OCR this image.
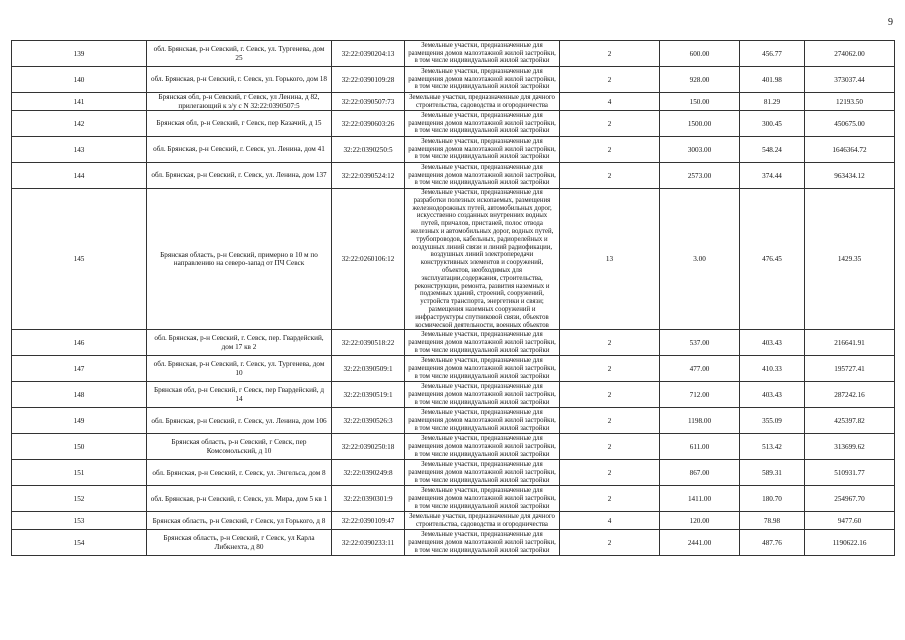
9
139	обл. Брянская, р-н Севский, г. Севск, ул. Тургенева, дом 25	32:22:0390204:13	Земельные участки, предназначенные для размещения домов малоэтажной жилой застройки, в том числе индивидуальной жилой застройки	2	600.00	456.77	274062.00
140	обл. Брянская, р-н Севский, г. Севск, ул. Горького, дом 18	32:22:0390109:28	Земельные участки, предназначенные для размещения домов малоэтажной жилой застройки, в том числе индивидуальной жилой застройки	2	928.00	401.98	373037.44
141	Брянская обл, р-н Севский, г Севск, ул Ленина, д 82, прилегающий к з/у с N 32:22:0390507:5	32:22:0390507:73	Земельные участки, предназначенные для дачного строительства, садоводства и огородничества	4	150.00	81.29	12193.50
142	Брянская обл, р-н Севский, г Севск, пер Казачий, д 15	32:22:0390603:26	Земельные участки, предназначенные для размещения домов малоэтажной жилой застройки, в том числе индивидуальной жилой застройки	2	1500.00	300.45	450675.00
143	обл. Брянская, р-н Севский, г. Севск, ул. Ленина, дом 41	32:22:0390250:5	Земельные участки, предназначенные для размещения домов малоэтажной жилой застройки, в том числе индивидуальной жилой застройки	2	3003.00	548.24	1646364.72
144	обл. Брянская, р-н Севский, г. Севск, ул. Ленина, дом 137	32:22:0390524:12	Земельные участки, предназначенные для размещения домов малоэтажной жилой застройки, в том числе индивидуальной жилой застройки	2	2573.00	374.44	963434.12
145	Брянская область, р-н Севский, примерно в 10 м по направлению на северо-запад от ПЧ Севск	32:22:0260106:12	Земельные участки, предназначенные для разработки полезных ископаемых, размещения железнодорожных путей, автомобильных дорог, искусственно созданных внутренних водных путей, причалов, пристаней, полос отвода железных и автомобильных дорог, водных путей, трубопроводов, кабельных, радиорелейных и воздушных линий связи и линий радиофикации, воздушных линий электропередачи конструктивных элементов и сооружений, объектов, необходимых для эксплуатации,содержания, строительства, реконструкции, ремонта, развития наземных и подземных зданий, строений, сооружений, устройств транспорта, энергетики и связи; размещения наземных сооружений и инфраструктуры спутниковой связи, объектов космической деятельности, военных объектов	13	3.00	476.45	1429.35
146	обл. Брянская, р-н Севский, г. Севск, пер. Гвардейский, дом 17 кв 2	32:22:0390518:22	Земельные участки, предназначенные для размещения домов малоэтажной жилой застройки, в том числе индивидуальной жилой застройки	2	537.00	403.43	216641.91
147	обл. Брянская, р-н Севский, г. Севск, ул. Тургенева, дом 10	32:22:0390509:1	Земельные участки, предназначенные для размещения домов малоэтажной жилой застройки, в том числе индивидуальной жилой застройки	2	477.00	410.33	195727.41
148	Брянская обл, р-н Севский, г Севск, пер Гвардейский, д 14	32:22:0390519:1	Земельные участки, предназначенные для размещения домов малоэтажной жилой застройки, в том числе индивидуальной жилой застройки	2	712.00	403.43	287242.16
149	обл. Брянская, р-н Севский, г. Севск, ул. Ленина, дом 106	32:22:0390526:3	Земельные участки, предназначенные для размещения домов малоэтажной жилой застройки, в том числе индивидуальной жилой застройки	2	1198.00	355.09	425397.82
150	Брянская область, р-н Севский, г Севск, пер Комсомольский, д 10	32:22:0390250:18	Земельные участки, предназначенные для размещения домов малоэтажной жилой застройки, в том числе индивидуальной жилой застройки	2	611.00	513.42	313699.62
151	обл. Брянская, р-н Севский, г. Севск, ул. Энгельса, дом 8	32:22:0390249:8	Земельные участки, предназначенные для размещения домов малоэтажной жилой застройки, в том числе индивидуальной жилой застройки	2	867.00	589.31	510931.77
152	обл. Брянская, р-н Севский, г. Севск, ул. Мира, дом 5 кв 1	32:22:0390301:9	Земельные участки, предназначенные для размещения домов малоэтажной жилой застройки, в том числе индивидуальной жилой застройки	2	1411.00	180.70	254967.70
153	Брянская область, р-н Севский, г Севск, ул Горького, д 8	32:22:0390109:47	Земельные участки, предназначенные для дачного строительства, садоводства и огородничества	4	120.00	78.98	9477.60
154	Брянская область, р-н Севский, г Севск, ул Карла Либкнехта, д 80	32:22:0390233:11	Земельные участки, предназначенные для размещения домов малоэтажной жилой застройки, в том числе индивидуальной жилой застройки	2	2441.00	487.76	1190622.16
